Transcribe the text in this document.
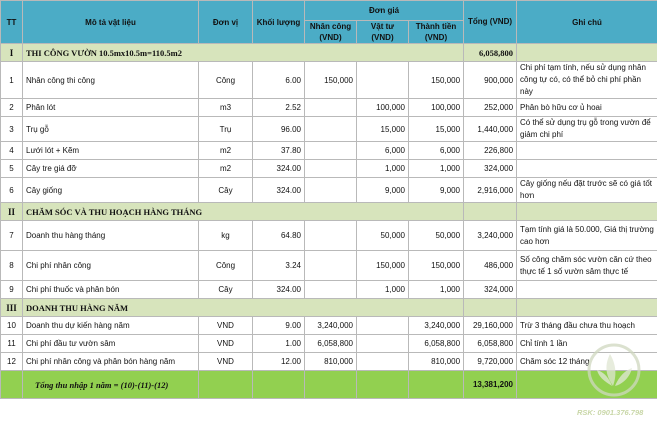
TT	Mô tả vật liệu	Đơn vị	Khối lượng	Đơn giá			Tổng (VND)	Ghi chú
				Nhân công (VND)	Vật tư (VND)	Thành tiền (VND)		
I	THI CÔNG VƯỜN 10.5mx10.5m=110.5m2						6,058,800	
1	Nhân công thi công	Công	6.00	150,000		150,000	900,000	Chi phí tạm tính, nếu sử dụng nhân công tự có, có thể bỏ chi phí phần này
2	Phân lót	m3	2.52		100,000	100,000	252,000	Phân bò hữu cơ ủ hoai
3	Trụ gỗ	Trụ	96.00		15,000	15,000	1,440,000	Có thể sử dụng trụ gỗ trong vườn để giảm chi phí
4	Lưới lót + Kẽm	m2	37.80		6,000	6,000	226,800	
5	Cây tre giá đỡ	m2	324.00		1,000	1,000	324,000	
6	Cây giống	Cây	324.00		9,000	9,000	2,916,000	Cây giống nếu đặt trước sẽ có giá tốt hơn
II	CHĂM SÓC VÀ THU HOẠCH HÀNG THÁNG							
7	Doanh thu hàng tháng	kg	64.80		50,000	50,000	3,240,000	Tạm tính giá là 50.000, Giá thị trường cao hơn
8	Chi phí nhân công	Công	3.24		150,000	150,000	486,000	Số công chăm sóc vườn căn cứ theo thực tế 1 số vườn sâm thực tế
9	Chi phí thuốc và phân bón	Cây	324.00		1,000	1,000	324,000	
III	DOANH THU HÀNG NĂM							
10	Doanh thu dự kiến hàng năm	VND	9.00	3,240,000		3,240,000	29,160,000	Trừ 3 tháng đầu chưa thu hoạch
11	Chi phí đầu tư vườn sâm	VND	1.00	6,058,800		6,058,800	6,058,800	Chỉ tính 1 lần
12	Chi phí nhân công và phân bón hàng năm	VND	12.00	810,000		810,000	9,720,000	Chăm sóc 12 tháng
	Tổng thu nhập 1 năm = (10)-(11)-(12)						13,381,200	
RSK: 0901.376.798
